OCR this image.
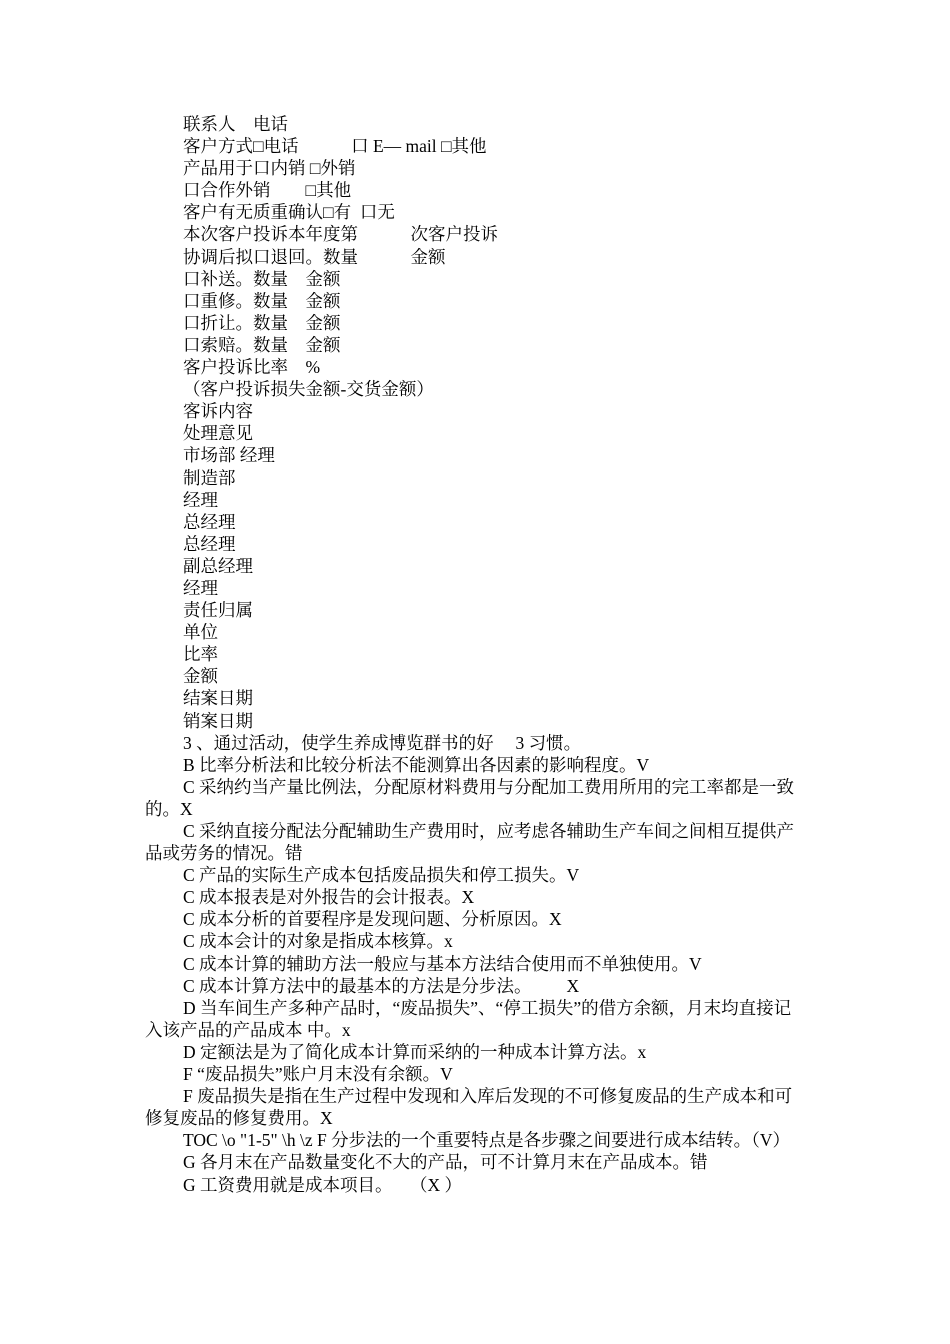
联系人    电话
客户方式□电话            口 E— mail □其他
产品用于口内销 □外销
口合作外销        □其他
客户有无质重确认□有  口无
本次客户投诉本年度第            次客户投诉
协调后拟口退回。数量            金额
口补送。数量    金额
口重修。数量    金额
口折让。数量    金额
口索赔。数量    金额
客户投诉比率    %
（客户投诉损失金额-交货金额）
客诉内容
处理意见
市场部 经理
制造部
经理
总经理
总经理
副总经理
经理
责任归属
单位
比率
金额
结案日期
销案日期
3 、通过活动，使学生养成博览群书的好     3 习惯。
B 比率分析法和比较分析法不能测算出各因素的影响程度。V
C 采纳约当产量比例法，分配原材料费用与分配加工费用所用的完工率都是一致的。X
C 采纳直接分配法分配辅助生产费用时，应考虑各辅助生产车间之间相互提供产品或劳务的情况。错
C 产品的实际生产成本包括废品损失和停工损失。V
C 成本报表是对外报告的会计报表。X
C 成本分析的首要程序是发现问题、分析原因。X
C 成本会计的对象是指成本核算。x
C 成本计算的辅助方法一般应与基本方法结合使用而不单独使用。V
C 成本计算方法中的最基本的方法是分步法。        X
D 当车间生产多种产品时，“废品损失”、“停工损失”的借方余额，月末均直接记入该产品的产品成本 中。x
D 定额法是为了简化成本计算而采纳的一种成本计算方法。x
F “废品损失”账户月末没有余额。V
F 废品损失是指在生产过程中发现和入库后发现的不可修复废品的生产成本和可修复废品的修复费用。X
TOC \o "1-5" \h \z F 分步法的一个重要特点是各步骤之间要进行成本结转。（V）
G 各月末在产品数量变化不大的产品，可不计算月末在产品成本。错
G 工资费用就是成本项目。    （X ）
